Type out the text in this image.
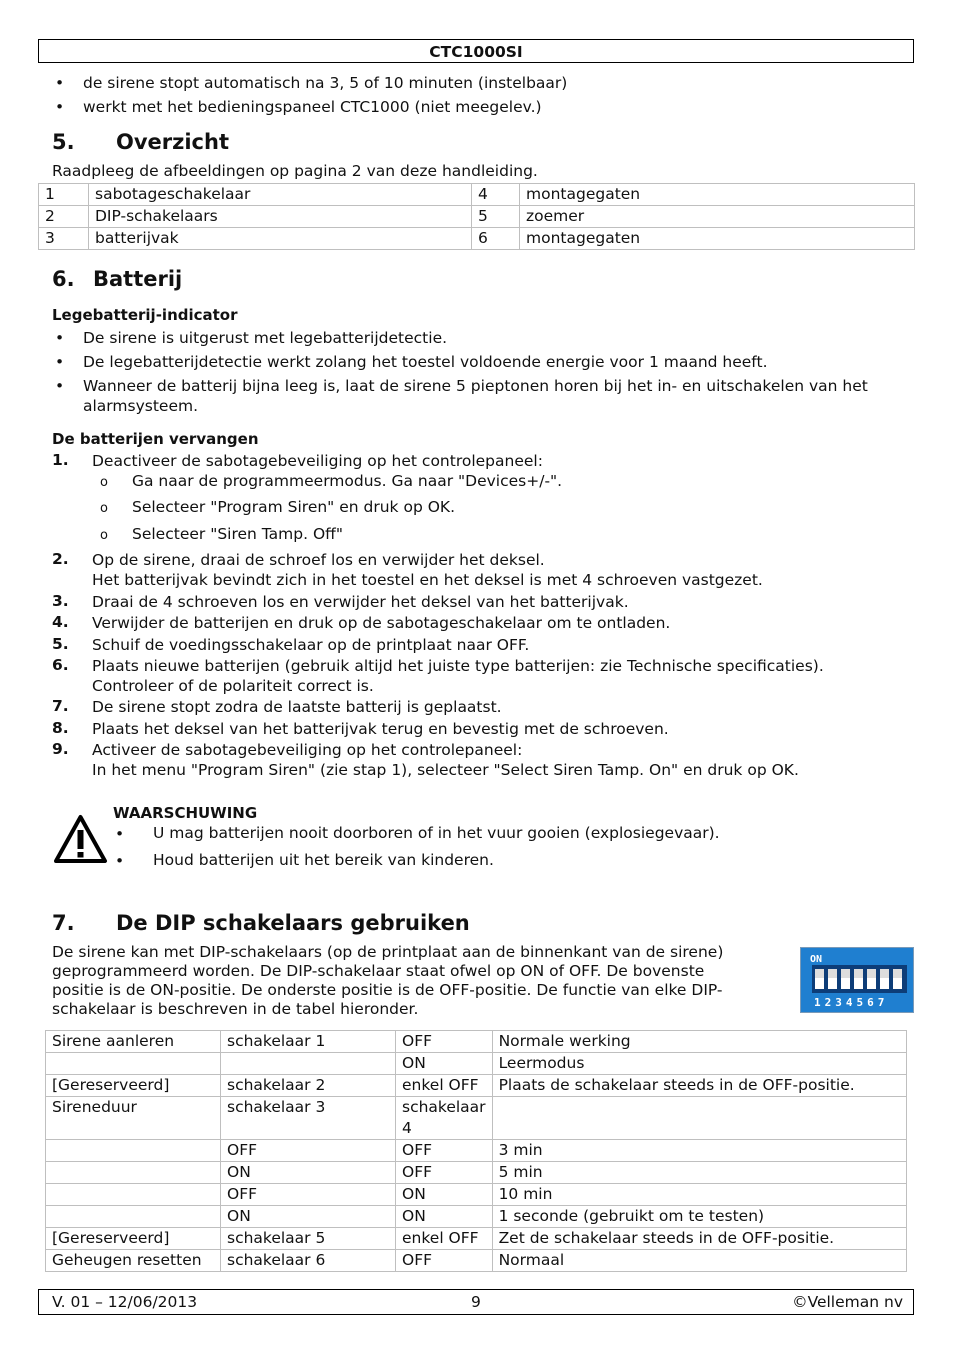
CTC1000SI
• de sirene stopt automatisch na 3, 5 of 10 minuten (instelbaar)
• werkt met het bedieningspaneel CTC1000 (niet meegelev.)
5. Overzicht
Raadpleeg de afbeeldingen op pagina 2 van deze handleiding.
1	sabotageschakelaar	4	montagegaten
2	DIP-schakelaars	5	zoemer
3	batterijvak	6	montagegaten
6. Batterij
Legebatterij-indicator
• De sirene is uitgerust met legebatterijdetectie.
• De legebatterijdetectie werkt zolang het toestel voldoende energie voor 1 maand heeft.
• Wanneer de batterij bijna leeg is, laat de sirene 5 pieptonen horen bij het in- en uitschakelen van het alarmsysteem.
De batterijen vervangen
1. Deactiveer de sabotagebeveiliging op het controlepaneel:
o Ga naar de programmeermodus. Ga naar "Devices+/-".
o Selecteer "Program Siren" en druk op OK.
o Selecteer "Siren Tamp. Off"
2. Op de sirene, draai de schroef los en verwijder het deksel.
Het batterijvak bevindt zich in het toestel en het deksel is met 4 schroeven vastgezet.
3. Draai de 4 schroeven los en verwijder het deksel van het batterijvak.
4. Verwijder de batterijen en druk op de sabotageschakelaar om te ontladen.
5. Schuif de voedingsschakelaar op de printplaat naar OFF.
6. Plaats nieuwe batterijen (gebruik altijd het juiste type batterijen: zie Technische specificaties).
Controleer of de polariteit correct is.
7. De sirene stopt zodra de laatste batterij is geplaatst.
8. Plaats het deksel van het batterijvak terug en bevestig met de schroeven.
9. Activeer de sabotagebeveiliging op het controlepaneel:
In het menu "Program Siren" (zie stap 1), selecteer "Select Siren Tamp. On" en druk op OK.
WAARSCHUWING
• U mag batterijen nooit doorboren of in het vuur gooien (explosiegevaar).
• Houd batterijen uit het bereik van kinderen.
7. De DIP schakelaars gebruiken
De sirene kan met DIP-schakelaars (op de printplaat aan de binnenkant van de sirene)
geprogrammeerd worden. De DIP-schakelaar staat ofwel op ON of OFF. De bovenste
positie is de ON-positie. De onderste positie is de OFF-positie. De functie van elke DIP-
schakelaar is beschreven in de tabel hieronder.
ON
1234567
Sirene aanleren	schakelaar 1	OFF	Normale werking
		ON	Leermodus
[Gereserveerd]	schakelaar 2	enkel OFF	Plaats de schakelaar steeds in de OFF-positie.
Sireneduur	schakelaar 3	schakelaar 4	
	OFF	OFF	3 min
	ON	OFF	5 min
	OFF	ON	10 min
	ON	ON	1 seconde (gebruikt om te testen)
[Gereserveerd]	schakelaar 5	enkel OFF	Zet de schakelaar steeds in de OFF-positie.
Geheugen resetten	schakelaar 6	OFF	Normaal
V. 01 – 12/06/2013	9	©Velleman nv
